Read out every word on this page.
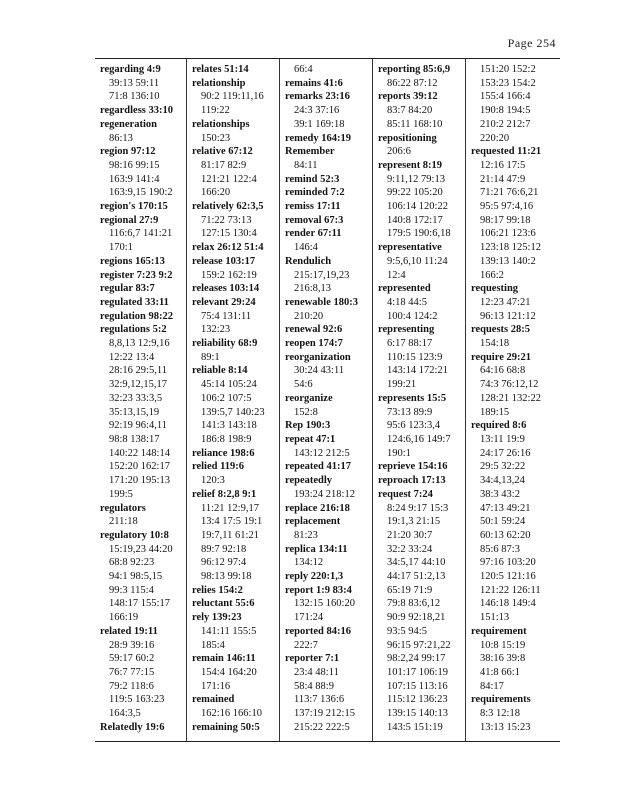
Page 254
regarding 4:9
39:13 59:11
71:8 136:10
regardless 33:10
regeneration
86:13
region 97:12
98:16 99:15
163:9 141:4
163:9,15 190:2
region's 170:15
regional 27:9
116:6,7 141:21
170:1
regions 165:13
register 7:23 9:2
regular 83:7
regulated 33:11
regulation 98:22
regulations 5:2
8,8,13 12:9,16
12:22 13:4
28:16 29:5,11
32:9,12,15,17
32:23 33:3,5
35:13,15,19
92:19 96:4,11
98:8 138:17
140:22 148:14
152:20 162:17
171:20 195:13
199:5
regulators
211:18
regulatory 10:8
15:19,23 44:20
68:8 92:23
94:1 98:5,15
99:3 115:4
148:17 155:17
166:19
related 19:11
28:9 39:16
59:17 60:2
76:7 77:15
79:2 118:6
119:5 163:23
164:3,5
Relatedly 19:6
relates 51:14
relationship
90:2 119:11,16
119:22
relationships
150:23
relative 67:12
81:17 82:9
121:21 122:4
166:20
relatively 62:3,5
71:22 73:13
127:15 130:4
relax 26:12 51:4
release 103:17
159:2 162:19
releases 103:14
relevant 29:24
75:4 131:11
132:23
reliability 68:9
89:1
reliable 8:14
45:14 105:24
106:2 107:5
139:5,7 140:23
141:3 143:18
186:8 198:9
reliance 198:6
relied 119:6
120:3
relief 8:2,8 9:1
11:21 12:9,17
13:4 17:5 19:1
19:7,11 61:21
89:7 92:18
96:12 97:4
98:13 99:18
relies 154:2
reluctant 55:6
rely 139:23
141:11 155:5
185:4
remain 146:11
154:4 164:20
171:16
remained
162:16 166:10
remaining 50:5
66:4
remains 41:6
remarks 23:16
24:3 37:16
39:1 169:18
remedy 164:19
Remember
84:11
remind 52:3
reminded 7:2
remiss 17:11
removal 67:3
render 67:11
146:4
Rendulich
215:17,19,23
216:8,13
renewable 180:3
210:20
renewal 92:6
reopen 174:7
reorganization
30:24 43:11
54:6
reorganize
152:8
Rep 190:3
repeat 47:1
143:12 212:5
repeated 41:17
repeatedly
193:24 218:12
replace 216:18
replacement
81:23
replica 134:11
134:12
reply 220:1,3
report 1:9 83:4
132:15 160:20
171:24
reported 84:16
222:7
reporter 7:1
23:4 48:11
58:4 88:9
113:7 136:6
137:19 212:15
215:22 222:5
reporting 85:6,9
86:22 87:12
reports 39:12
83:7 84:20
85:11 168:10
repositioning
206:6
represent 8:19
9:11,12 79:13
99:22 105:20
106:14 120:22
140:8 172:17
179:5 190:6,18
representative
9:5,6,10 11:24
12:4
represented
4:18 44:5
100:4 124:2
representing
6:17 88:17
110:15 123:9
143:14 172:21
199:21
represents 15:5
73:13 89:9
95:6 123:3,4
124:6,16 149:7
190:1
reprieve 154:16
reproach 17:13
request 7:24
8:24 9:17 15:3
19:1,3 21:15
21:20 30:7
32:2 33:24
34:5,17 44:10
44:17 51:2,13
65:19 71:9
79:8 83:6,12
90:9 92:18,21
93:5 94:5
96:15 97:21,22
98:2,24 99:17
101:17 106:19
107:15 113:16
115:12 136:23
139:15 140:13
143:5 151:19
151:20 152:2
153:23 154:2
155:4 166:4
190:8 194:5
210:2 212:7
220:20
requested 11:21
12:16 17:5
21:14 47:9
71:21 76:6,21
95:5 97:4,16
98:17 99:18
106:21 123:6
123:18 125:12
139:13 140:2
166:2
requesting
12:23 47:21
96:13 121:12
requests 28:5
154:18
require 29:21
64:16 68:8
74:3 76:12,12
128:21 132:22
189:15
required 8:6
13:11 19:9
24:17 26:16
29:5 32:22
34:4,13,24
38:3 43:2
47:13 49:21
50:1 59:24
60:13 62:20
85:6 87:3
97:16 103:20
120:5 121:16
121:22 126:11
146:18 149:4
151:13
requirement
10:8 15:19
38:16 39:8
41:8 66:1
84:17
requirements
8:3 12:18
13:13 15:23
